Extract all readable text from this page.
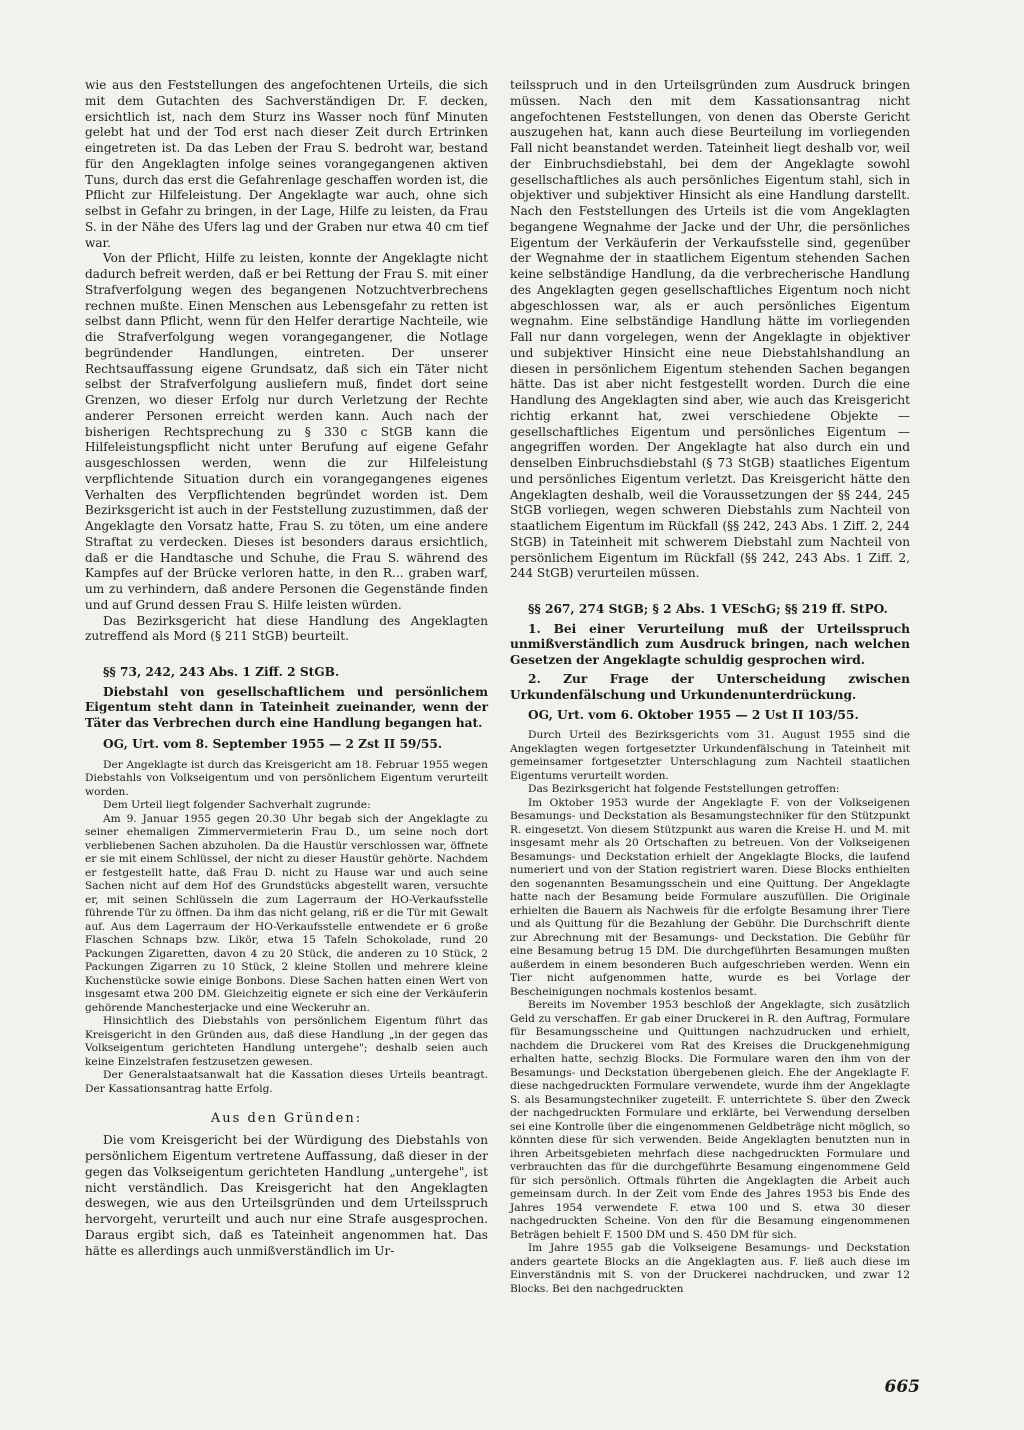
wie aus den Feststellungen des angefochtenen Urteils, die sich mit dem Gutachten des Sachverständigen Dr. F. decken, ersichtlich ist, nach dem Sturz ins Wasser noch fünf Minuten gelebt hat und der Tod erst nach dieser Zeit durch Ertrinken eingetreten ist. Da das Leben der Frau S. bedroht war, bestand für den Angeklagten infolge seines vorangegangenen aktiven Tuns, durch das erst die Gefahrenlage geschaffen worden ist, die Pflicht zur Hilfeleistung. Der Angeklagte war auch, ohne sich selbst in Gefahr zu bringen, in der Lage, Hilfe zu leisten, da Frau S. in der Nähe des Ufers lag und der Graben nur etwa 40 cm tief war.

Von der Pflicht, Hilfe zu leisten, konnte der Angeklagte nicht dadurch befreit werden, daß er bei Rettung der Frau S. mit einer Strafverfolgung wegen des begangenen Notzuchtverbrechens rechnen mußte. Einen Menschen aus Lebensgefahr zu retten ist selbst dann Pflicht, wenn für den Helfer derartige Nachteile, wie die Strafverfolgung wegen vorangegangener, die Notlage begründender Handlungen, eintreten. Der unserer Rechtsauffassung eigene Grundsatz, daß sich ein Täter nicht selbst der Strafverfolgung ausliefern muß, findet dort seine Grenzen, wo dieser Erfolg nur durch Verletzung der Rechte anderer Personen erreicht werden kann. Auch nach der bisherigen Rechtsprechung zu § 330 c StGB kann die Hilfeleistungspflicht nicht unter Berufung auf eigene Gefahr ausgeschlossen werden, wenn die zur Hilfeleistung verpflichtende Situation durch ein vorangegangenes eigenes Verhalten des Verpflichtenden begründet worden ist. Dem Bezirksgericht ist auch in der Feststellung zuzustimmen, daß der Angeklagte den Vorsatz hatte, Frau S. zu töten, um eine andere Straftat zu verdecken. Dieses ist besonders daraus ersichtlich, daß er die Handtasche und Schuhe, die Frau S. während des Kampfes auf der Brücke verloren hatte, in den R... graben warf, um zu verhindern, daß andere Personen die Gegenstände finden und auf Grund dessen Frau S. Hilfe leisten würden.

Das Bezirksgericht hat diese Handlung des Angeklagten zutreffend als Mord (§ 211 StGB) beurteilt.

§§ 73, 242, 243 Abs. 1 Ziff. 2 StGB.

Diebstahl von gesellschaftlichem und persönlichem Eigentum steht dann in Tateinheit zueinander, wenn der Täter das Verbrechen durch eine Handlung begangen hat.

OG, Urt. vom 8. September 1955 — 2 Zst II 59/55.

Der Angeklagte ist durch das Kreisgericht am 18. Februar 1955 wegen Diebstahls von Volkseigentum und von persönlichem Eigentum verurteilt worden.

Dem Urteil liegt folgender Sachverhalt zugrunde:

Am 9. Januar 1955 gegen 20.30 Uhr begab sich der Angeklagte zu seiner ehemaligen Zimmervermieterin Frau D., um seine noch dort verbliebenen Sachen abzuholen. Da die Haustür verschlossen war, öffnete er sie mit einem Schlüssel, der nicht zu dieser Haustür gehörte. Nachdem er festgestellt hatte, daß Frau D. nicht zu Hause war und auch seine Sachen nicht auf dem Hof des Grundstücks abgestellt waren, versuchte er, mit seinen Schlüsseln die zum Lagerraum der HO-Verkaufsstelle führende Tür zu öffnen. Da ihm das nicht gelang, riß er die Tür mit Gewalt auf. Aus dem Lagerraum der HO-Verkaufsstelle entwendete er 6 große Flaschen Schnaps bzw. Likör, etwa 15 Tafeln Schokolade, rund 20 Packungen Zigaretten, davon 4 zu 20 Stück, die anderen zu 10 Stück, 2 Packungen Zigarren zu 10 Stück, 2 kleine Stollen und mehrere kleine Kuchenstücke sowie einige Bonbons. Diese Sachen hatten einen Wert von insgesamt etwa 200 DM. Gleichzeitig eignete er sich eine der Verkäuferin gehörende Manchesterjacke und eine Weckeruhr an.

Hinsichtlich des Diebstahls von persönlichem Eigentum führt das Kreisgericht in den Gründen aus, daß diese Handlung „in der gegen das Volkseigentum gerichteten Handlung untergehe"; deshalb seien auch keine Einzelstrafen festzusetzen gewesen.

Der Generalstaatsanwalt hat die Kassation dieses Urteils beantragt. Der Kassationsantrag hatte Erfolg.

Aus den Gründen:

Die vom Kreisgericht bei der Würdigung des Diebstahls von persönlichem Eigentum vertretene Auffassung, daß dieser in der gegen das Volkseigentum gerichteten Handlung „untergehe", ist nicht verständlich. Das Kreisgericht hat den Angeklagten deswegen, wie aus den Urteilsgründen und dem Urteilsspruch hervorgeht, verurteilt und auch nur eine Strafe ausgesprochen. Daraus ergibt sich, daß es Tateinheit angenommen hat. Das hätte es allerdings auch unmißverständlich im Ur-

teilsspruch und in den Urteilsgründen zum Ausdruck bringen müssen. Nach den mit dem Kassationsantrag nicht angefochtenen Feststellungen, von denen das Oberste Gericht auszugehen hat, kann auch diese Beurteilung im vorliegenden Fall nicht beanstandet werden. Tateinheit liegt deshalb vor, weil der Einbruchsdiebstahl, bei dem der Angeklagte sowohl gesellschaftliches als auch persönliches Eigentum stahl, sich in objektiver und subjektiver Hinsicht als eine Handlung darstellt. Nach den Feststellungen des Urteils ist die vom Angeklagten begangene Wegnahme der Jacke und der Uhr, die persönliches Eigentum der Verkäuferin der Verkaufsstelle sind, gegenüber der Wegnahme der in staatlichem Eigentum stehenden Sachen keine selbständige Handlung, da die verbrecherische Handlung des Angeklagten gegen gesellschaftliches Eigentum noch nicht abgeschlossen war, als er auch persönliches Eigentum wegnahm. Eine selbständige Handlung hätte im vorliegenden Fall nur dann vorgelegen, wenn der Angeklagte in objektiver und subjektiver Hinsicht eine neue Diebstahlshandlung an diesen in persönlichem Eigentum stehenden Sachen begangen hätte. Das ist aber nicht festgestellt worden. Durch die eine Handlung des Angeklagten sind aber, wie auch das Kreisgericht richtig erkannt hat, zwei verschiedene Objekte — gesellschaftliches Eigentum und persönliches Eigentum — angegriffen worden. Der Angeklagte hat also durch ein und denselben Einbruchsdiebstahl (§ 73 StGB) staatliches Eigentum und persönliches Eigentum verletzt. Das Kreisgericht hätte den Angeklagten deshalb, weil die Voraussetzungen der §§ 244, 245 StGB vorliegen, wegen schweren Diebstahls zum Nachteil von staatlichem Eigentum im Rückfall (§§ 242, 243 Abs. 1 Ziff. 2, 244 StGB) in Tateinheit mit schwerem Diebstahl zum Nachteil von persönlichem Eigentum im Rückfall (§§ 242, 243 Abs. 1 Ziff. 2, 244 StGB) verurteilen müssen.

§§ 267, 274 StGB; § 2 Abs. 1 VESchG; §§ 219 ff. StPO.

1. Bei einer Verurteilung muß der Urteilsspruch unmißverständlich zum Ausdruck bringen, nach welchen Gesetzen der Angeklagte schuldig gesprochen wird.

2. Zur Frage der Unterscheidung zwischen Urkundenfälschung und Urkundenunterdrückung.

OG, Urt. vom 6. Oktober 1955 — 2 Ust II 103/55.

Durch Urteil des Bezirksgerichts vom 31. August 1955 sind die Angeklagten wegen fortgesetzter Urkundenfälschung in Tateinheit mit gemeinsamer fortgesetzter Unterschlagung zum Nachteil staatlichen Eigentums verurteilt worden.

Das Bezirksgericht hat folgende Feststellungen getroffen:

Im Oktober 1953 wurde der Angeklagte F. von der Volkseigenen Besamungs- und Deckstation als Besamungstechniker für den Stützpunkt R. eingesetzt. Von diesem Stützpunkt aus waren die Kreise H. und M. mit insgesamt mehr als 20 Ortschaften zu betreuen. Von der Volkseigenen Besamungs- und Deckstation erhielt der Angeklagte Blocks, die laufend numeriert und von der Station registriert waren. Diese Blocks enthielten den sogenannten Besamungsschein und eine Quittung. Der Angeklagte hatte nach der Besamung beide Formulare auszufüllen. Die Originale erhielten die Bauern als Nachweis für die erfolgte Besamung ihrer Tiere und als Quittung für die Bezahlung der Gebühr. Die Durchschrift diente zur Abrechnung mit der Besamungs- und Deckstation. Die Gebühr für eine Besamung betrug 15 DM. Die durchgeführten Besamungen mußten außerdem in einem besonderen Buch aufgeschrieben werden. Wenn ein Tier nicht aufgenommen hatte, wurde es bei Vorlage der Bescheinigungen nochmals kostenlos besamt.

Bereits im November 1953 beschloß der Angeklagte, sich zusätzlich Geld zu verschaffen. Er gab einer Druckerei in R. den Auftrag, Formulare für Besamungsscheine und Quittungen nachzudrucken und erhielt, nachdem die Druckerei vom Rat des Kreises die Druckgenehmigung erhalten hatte, sechzig Blocks. Die Formulare waren den ihm von der Besamungs- und Deckstation übergebenen gleich. Ehe der Angeklagte F. diese nachgedruckten Formulare verwendete, wurde ihm der Angeklagte S. als Besamungstechniker zugeteilt. F. unterrichtete S. über den Zweck der nachgedruckten Formulare und erklärte, bei Verwendung derselben sei eine Kontrolle über die eingenommenen Geldbeträge nicht möglich, so könnten diese für sich verwenden. Beide Angeklagten benutzten nun in ihren Arbeitsgebieten mehrfach diese nachgedruckten Formulare und verbrauchten das für die durchgeführte Besamung eingenommene Geld für sich persönlich. Oftmals führten die Angeklagten die Arbeit auch gemeinsam durch. In der Zeit vom Ende des Jahres 1953 bis Ende des Jahres 1954 verwendete F. etwa 100 und S. etwa 30 dieser nachgedruckten Scheine. Von den für die Besamung eingenommenen Beträgen behielt F. 1500 DM und S. 450 DM für sich.

Im Jahre 1955 gab die Volkseigene Besamungs- und Deckstation anders geartete Blocks an die Angeklagten aus. F. ließ auch diese im Einverständnis mit S. von der Druckerei nachdrucken, und zwar 12 Blocks. Bei den nachgedruckten

665
